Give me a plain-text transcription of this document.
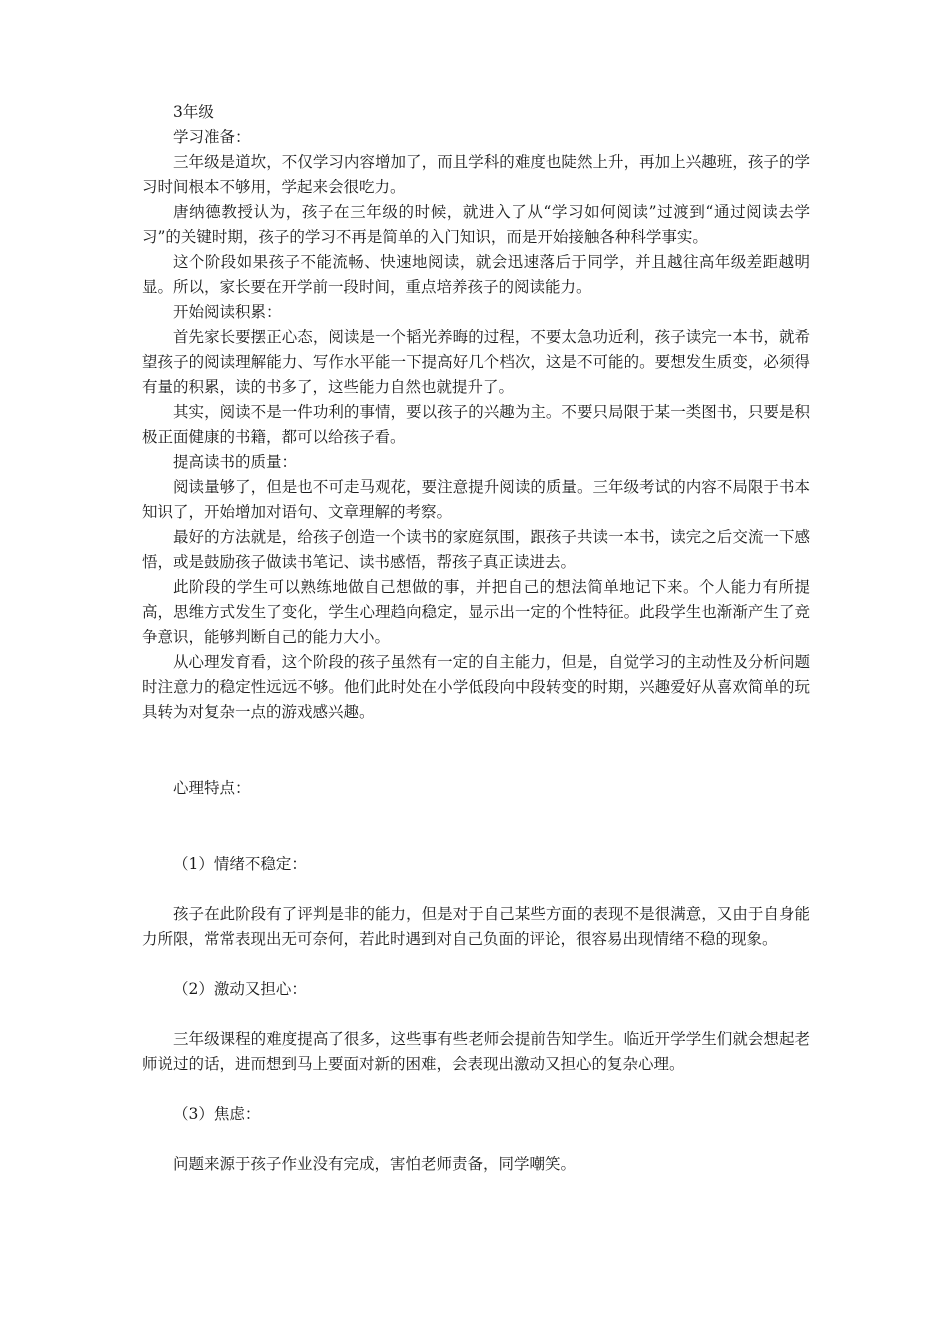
3年级

学习准备：

三年级是道坎，不仅学习内容增加了，而且学科的难度也陡然上升，再加上兴趣班，孩子的学习时间根本不够用，学起来会很吃力。

唐纳德教授认为，孩子在三年级的时候，就进入了从“学习如何阅读”过渡到“通过阅读去学习”的关键时期，孩子的学习不再是简单的入门知识，而是开始接触各种科学事实。

这个阶段如果孩子不能流畅、快速地阅读，就会迅速落后于同学，并且越往高年级差距越明显。所以，家长要在开学前一段时间，重点培养孩子的阅读能力。

开始阅读积累：

首先家长要摆正心态，阅读是一个韬光养晦的过程，不要太急功近利，孩子读完一本书，就希望孩子的阅读理解能力、写作水平能一下提高好几个档次，这是不可能的。要想发生质变，必须得有量的积累，读的书多了，这些能力自然也就提升了。

其实，阅读不是一件功利的事情，要以孩子的兴趣为主。不要只局限于某一类图书，只要是积极正面健康的书籍，都可以给孩子看。

提高读书的质量：

阅读量够了，但是也不可走马观花，要注意提升阅读的质量。三年级考试的内容不局限于书本知识了，开始增加对语句、文章理解的考察。

最好的方法就是，给孩子创造一个读书的家庭氛围，跟孩子共读一本书，读完之后交流一下感悟，或是鼓励孩子做读书笔记、读书感悟，帮孩子真正读进去。

此阶段的学生可以熟练地做自己想做的事，并把自己的想法简单地记下来。个人能力有所提高，思维方式发生了变化，学生心理趋向稳定，显示出一定的个性特征。此段学生也渐渐产生了竞争意识，能够判断自己的能力大小。

从心理发育看，这个阶段的孩子虽然有一定的自主能力，但是，自觉学习的主动性及分析问题时注意力的稳定性远远不够。他们此时处在小学低段向中段转变的时期，兴趣爱好从喜欢简单的玩具转为对复杂一点的游戏感兴趣。

心理特点：

（1）情绪不稳定：

孩子在此阶段有了评判是非的能力，但是对于自己某些方面的表现不是很满意，又由于自身能力所限，常常表现出无可奈何，若此时遇到对自己负面的评论，很容易出现情绪不稳的现象。

（2）激动又担心：

三年级课程的难度提高了很多，这些事有些老师会提前告知学生。临近开学学生们就会想起老师说过的话，进而想到马上要面对新的困难，会表现出激动又担心的复杂心理。

（3）焦虑：

问题来源于孩子作业没有完成，害怕老师责备，同学嘲笑。
